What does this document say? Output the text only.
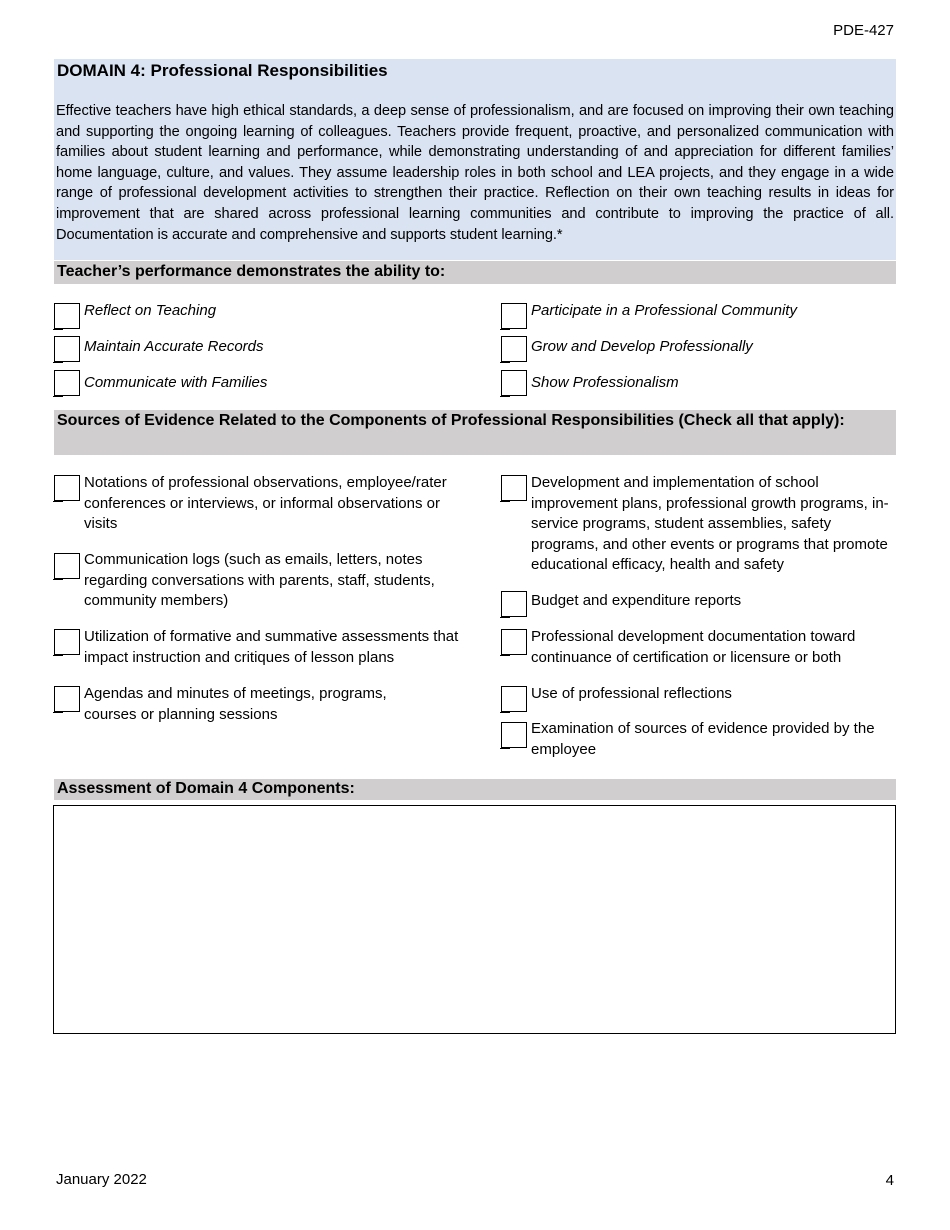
PDE-427
DOMAIN 4: Professional Responsibilities

Effective teachers have high ethical standards, a deep sense of professionalism, and are focused on improving their own teaching and supporting the ongoing learning of colleagues. Teachers provide frequent, proactive, and personalized communication with families about student learning and performance, while demonstrating understanding of and appreciation for different families’ home language, culture, and values. They assume leadership roles in both school and LEA projects, and they engage in a wide range of professional development activities to strengthen their practice. Reflection on their own teaching results in ideas for improvement that are shared across professional learning communities and contribute to improving the practice of all. Documentation is accurate and comprehensive and supports student learning.*

Teacher’s performance demonstrates the ability to:
Reflect on Teaching
Maintain Accurate Records
Communicate with Families
Participate in a Professional Community
Grow and Develop Professionally
Show Professionalism
Sources of Evidence Related to the Components of Professional Responsibilities (Check all that apply):
Notations of professional observations, employee/rater conferences or interviews, or informal observations or visits
Communication logs (such as emails, letters, notes regarding conversations with parents, staff, students, community members)
Utilization of formative and summative assessments that impact instruction and critiques of lesson plans
Agendas and minutes of meetings, programs, courses or planning sessions
Development and implementation of school improvement plans, professional growth programs, in-service programs, student assemblies, safety programs, and other events or programs that promote educational efficacy, health and safety
Budget and expenditure reports
Professional development documentation toward continuance of certification or licensure or both
Use of professional reflections
Examination of sources of evidence provided by the employee
Assessment of Domain 4 Components:
January 2022	4
